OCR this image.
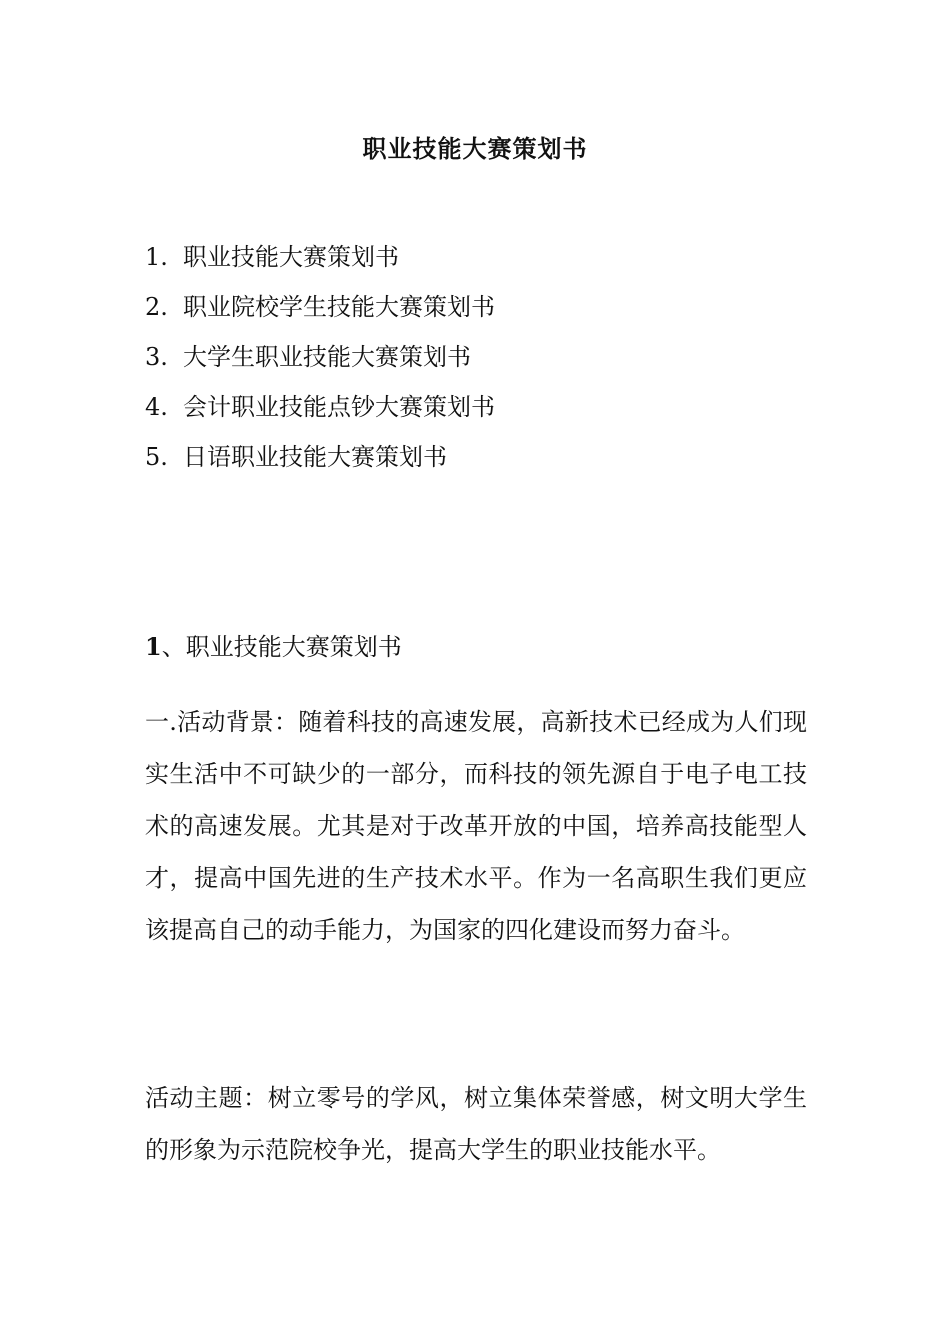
职业技能大赛策划书
1. 职业技能大赛策划书
2. 职业院校学生技能大赛策划书
3. 大学生职业技能大赛策划书
4. 会计职业技能点钞大赛策划书
5. 日语职业技能大赛策划书
1、职业技能大赛策划书

一.活动背景：随着科技的高速发展，高新技术已经成为人们现实生活中不可缺少的一部分，而科技的领先源自于电子电工技术的高速发展。尤其是对于改革开放的中国，培养高技能型人才，提高中国先进的生产技术水平。作为一名高职生我们更应该提高自己的动手能力，为国家的四化建设而努力奋斗。

活动主题：树立零号的学风，树立集体荣誉感，树文明大学生的形象为示范院校争光，提高大学生的职业技能水平。
